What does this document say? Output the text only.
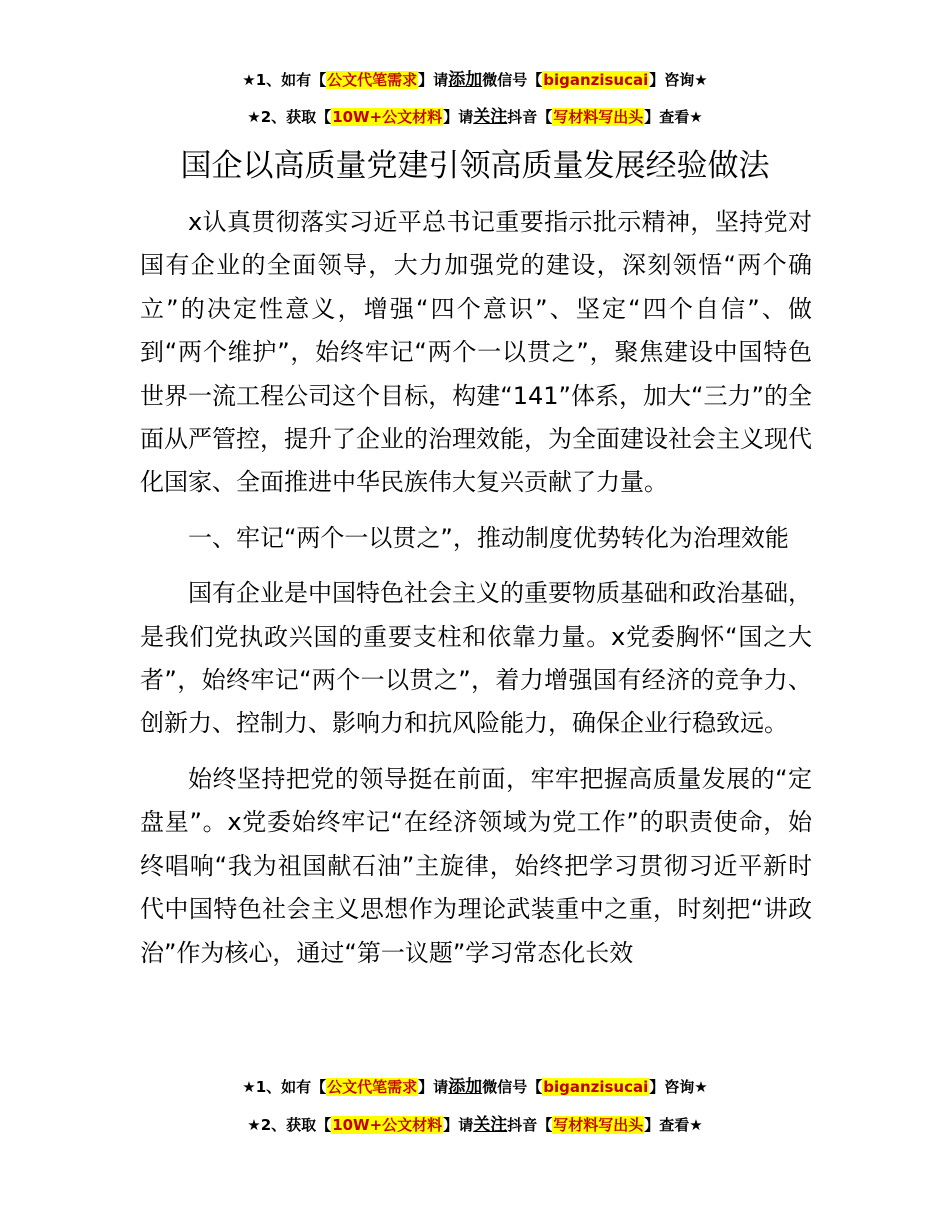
★1、如有【公文代笔需求】请添加微信号【biganzisucai】咨询★
★2、获取【10W+公文材料】请关注抖音【写材料写出头】查看★
国企以高质量党建引领高质量发展经验做法

x认真贯彻落实习近平总书记重要指示批示精神，坚持党对国有企业的全面领导，大力加强党的建设，深刻领悟“两个确立”的决定性意义，增强“四个意识”、坚定“四个自信”、做到“两个维护”，始终牢记“两个一以贯之”，聚焦建设中国特色世界一流工程公司这个目标，构建“141”体系，加大“三力”的全面从严管控，提升了企业的治理效能，为全面建设社会主义现代化国家、全面推进中华民族伟大复兴贡献了力量。

一、牢记“两个一以贯之”，推动制度优势转化为治理效能

国有企业是中国特色社会主义的重要物质基础和政治基础，是我们党执政兴国的重要支柱和依靠力量。x党委胸怀“国之大者”，始终牢记“两个一以贯之”，着力增强国有经济的竞争力、创新力、控制力、影响力和抗风险能力，确保企业行稳致远。

始终坚持把党的领导挺在前面，牢牢把握高质量发展的“定盘星”。x党委始终牢记“在经济领域为党工作”的职责使命，始终唱响“我为祖国献石油”主旋律，始终把学习贯彻习近平新时代中国特色社会主义思想作为理论武装重中之重，时刻把“讲政治”作为核心，通过“第一议题”学习常态化长效

★1、如有【公文代笔需求】请添加微信号【biganzisucai】咨询★
★2、获取【10W+公文材料】请关注抖音【写材料写出头】查看★
